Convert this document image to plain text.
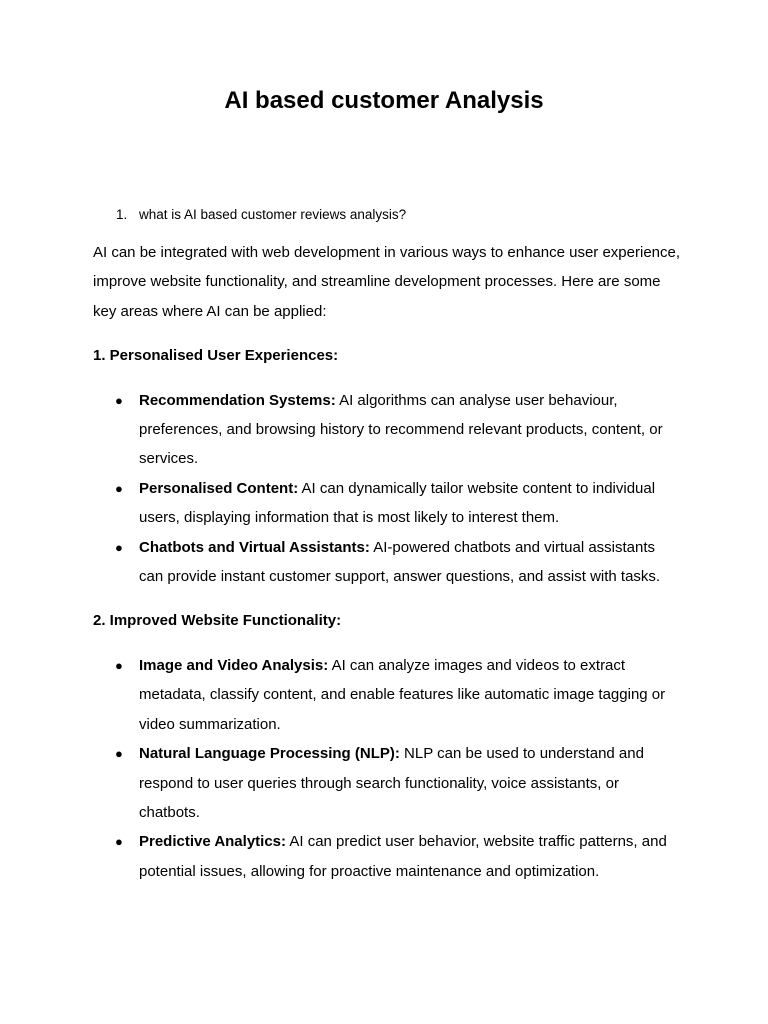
AI based customer Analysis

1. what is AI based customer reviews analysis?

AI can be integrated with web development in various ways to enhance user experience, improve website functionality, and streamline development processes. Here are some key areas where AI can be applied:

1. Personalised User Experiences:

● Recommendation Systems: AI algorithms can analyse user behaviour, preferences, and browsing history to recommend relevant products, content, or services.
● Personalised Content: AI can dynamically tailor website content to individual users, displaying information that is most likely to interest them.
● Chatbots and Virtual Assistants: AI-powered chatbots and virtual assistants can provide instant customer support, answer questions, and assist with tasks.

2. Improved Website Functionality:

● Image and Video Analysis: AI can analyze images and videos to extract metadata, classify content, and enable features like automatic image tagging or video summarization.
● Natural Language Processing (NLP): NLP can be used to understand and respond to user queries through search functionality, voice assistants, or chatbots.
● Predictive Analytics: AI can predict user behavior, website traffic patterns, and potential issues, allowing for proactive maintenance and optimization.
